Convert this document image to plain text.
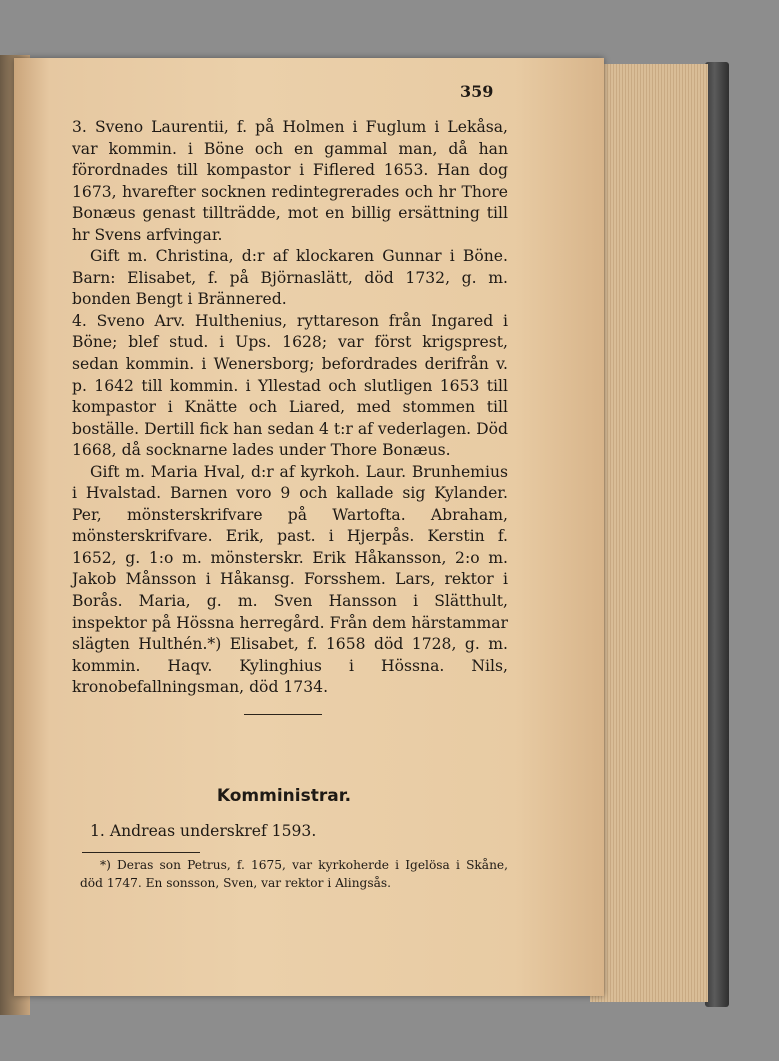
359

3. Sveno Laurentii, f. på Holmen i Fuglum i Lekåsa, var kommin. i Böne och en gammal man, då han förordnades till kompastor i Fiflered 1653. Han dog 1673, hvarefter socknen redintegrerades och hr Thore Bonæus genast tillträdde, mot en billig ersättning till hr Svens arfvingar.

Gift m. Christina, d:r af klockaren Gunnar i Böne. Barn: Elisabet, f. på Björnaslätt, död 1732, g. m. bonden Bengt i Brännered.

4. Sveno Arv. Hulthenius, ryttareson från Ingared i Böne; blef stud. i Ups. 1628; var först krigsprest, sedan kommin. i Wenersborg; befordrades derifrån v. p. 1642 till kommin. i Yllestad och slutligen 1653 till kompastor i Knätte och Liared, med stommen till boställe. Dertill fick han sedan 4 t:r af vederlagen. Död 1668, då socknarne lades under Thore Bonæus.

Gift m. Maria Hval, d:r af kyrkoh. Laur. Brunhemius i Hvalstad. Barnen voro 9 och kallade sig Kylander. Per, mönsterskrifvare på Wartofta. Abraham, mönsterskrifvare. Erik, past. i Hjerpås. Kerstin f. 1652, g. 1:o m. mönsterskr. Erik Håkansson, 2:o m. Jakob Månsson i Håkansg. Forsshem. Lars, rektor i Borås. Maria, g. m. Sven Hansson i Slätthult, inspektor på Hössna herregård. Från dem härstammar slägten Hulthén.*) Elisabet, f. 1658 död 1728, g. m. kommin. Haqv. Kylinghius i Hössna. Nils, kronobefallningsman, död 1734.

Komministrar.
1. Andreas underskref 1593.
*) Deras son Petrus, f. 1675, var kyrkoherde i Igelösa i Skåne, död 1747. En sonsson, Sven, var rektor i Alingsås.
